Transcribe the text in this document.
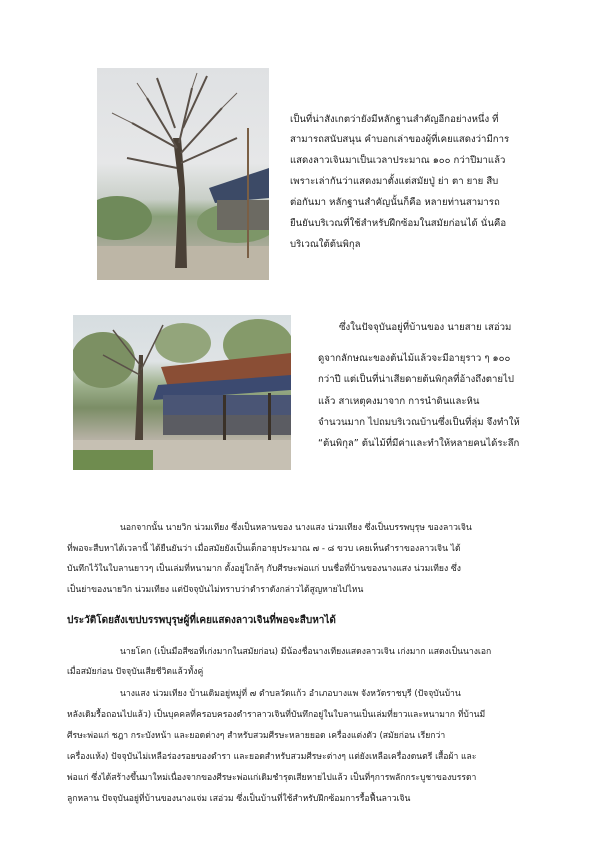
เป็นที่น่าสังเกตว่ายังมีหลักฐานสำคัญอีกอย่างหนึ่ง ที่
สามารถสนับสนุน คำบอกเล่าของผู้ที่เคยแสดงว่ามีการ
แสดงลาวเจินมาเป็นเวลาประมาณ ๑๐๐ กว่าปีมาแล้ว
เพราะเล่ากันว่าแสดงมาตั้งแต่สมัยปู่ ย่า ตา ยาย สืบ
ต่อกันมา หลักฐานสำคัญนั้นก็คือ หลายท่านสามารถ
ยืนยันบริเวณที่ใช้สำหรับฝึกซ้อมในสมัยก่อนได้ นั่นคือ
บริเวณใต้ต้นพิกุล
ซึ่งในปัจจุบันอยู่ที่บ้านของ นายสาย เสอ่วม
ดูจากลักษณะของต้นไม้แล้วจะมีอายุราว ๆ ๑๐๐
กว่าปี แต่เป็นที่น่าเสียดายต้นพิกุลที่อ้างถึงตายไป
แล้ว สาเหตุคงมาจาก การนำดินและหิน
จำนวนมาก ไปถมบริเวณบ้านซึ่งเป็นที่ลุ่ม จึงทำให้
“ต้นพิกุล” ต้นไม้ที่มีค่าและทำให้หลายคนได้ระลึก
นอกจากนั้น นายวิก น่วมเทียง ซึ่งเป็นหลานของ นางแสง น่วมเทียง ซึ่งเป็นบรรพบุรุษ ของลาวเจิน
ที่พอจะสืบหาได้เวลานี้ ได้ยืนยันว่า เมื่อสมัยยังเป็นเด็กอายุประมาณ ๗ - ๘ ขวบ เคยเห็นตำราของลาวเจิน ได้
บันทึกไว้ในใบลานยาวๆ เป็นเล่มที่หนามาก ตั้งอยู่ใกล้ๆ กับศีรษะพ่อแก่ บนชื่อที่บ้านของนางแสง น่วมเทียง ซึ่ง
เป็นย่าของนายวิก น่วมเทียง แต่ปัจจุบันไม่ทราบว่าตำราดังกล่าวได้สูญหายไปไหน
ประวัติโดยสังเขปบรรพบุรุษผู้ที่เคยแสดงลาวเจินที่พอจะสืบหาได้
นายโคก (เป็นมือสีซอที่เก่งมากในสมัยก่อน) มีน้องชื่อนางเทียงแสดงลาวเจิน เก่งมาก แสดงเป็นนางเอก
เมื่อสมัยก่อน ปัจจุบันเสียชีวิตแล้วทั้งคู่
นางแสง น่วมเทียง บ้านเดิมอยู่หมู่ที่ ๗ ตำบลวัดแก้ว อำเภอบางแพ จังหวัดราชบุรี (ปัจจุบันบ้าน
หลังเดิมรื้อถอนไปแล้ว) เป็นบุคคลที่ครอบครองตำราลาวเจินที่บันทึกอยู่ในใบลานเป็นเล่มที่ยาวและหนามาก ที่บ้านมี
ศีรษะพ่อแก่ ชฎา กระบังหน้า และยอดต่างๆ สำหรับสวมศีรษะหลายยอด เครื่องแต่งตัว (สมัยก่อน เรียกว่า
เครื่องแห้ง) ปัจจุบันไม่เหลือร่องรอยของตำรา และยอดสำหรับสวมศีรษะต่างๆ แต่ยังเหลือเครื่องดนตรี เสื้อผ้า และ
พ่อแก่ ซึ่งได้สร้างขึ้นมาใหม่เนื่องจากของศีรษะพ่อแก่เดิมชำรุดเสียหายไปแล้ว เป็นที่ๆการพลักกระบูชาของบรรดา
ลูกหลาน ปัจจุบันอยู่ที่บ้านของนางแจ่ม เสอ่วม ซึ่งเป็นบ้านที่ใช้สำหรับฝึกซ้อมการรื้อฟื้นลาวเจิน
